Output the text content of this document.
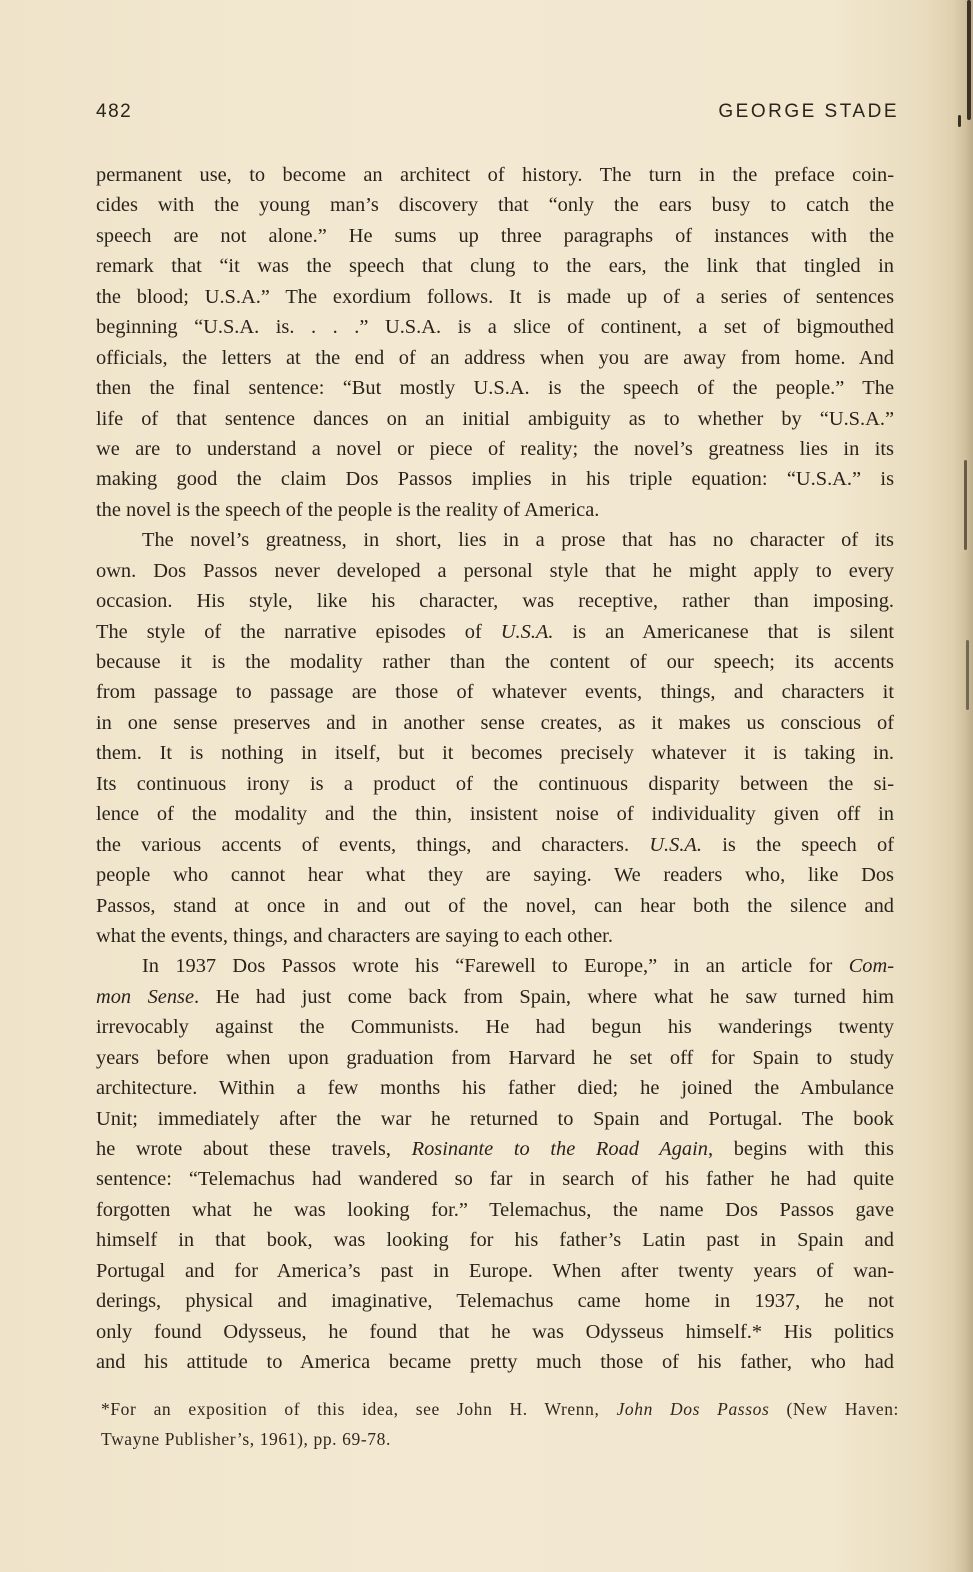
482	GEORGE STADE
permanent use, to become an architect of history. The turn in the preface coin-
cides with the young man’s discovery that “only the ears busy to catch the
speech are not alone.” He sums up three paragraphs of instances with the
remark that “it was the speech that clung to the ears, the link that tingled in
the blood; U.S.A.” The exordium follows. It is made up of a series of sentences
beginning “U.S.A. is. . . .” U.S.A. is a slice of continent, a set of bigmouthed
officials, the letters at the end of an address when you are away from home. And
then the final sentence: “But mostly U.S.A. is the speech of the people.” The
life of that sentence dances on an initial ambiguity as to whether by “U.S.A.”
we are to understand a novel or piece of reality; the novel’s greatness lies in its
making good the claim Dos Passos implies in his triple equation: “U.S.A.” is
the novel is the speech of the people is the reality of America.
The novel’s greatness, in short, lies in a prose that has no character of its
own. Dos Passos never developed a personal style that he might apply to every
occasion. His style, like his character, was receptive, rather than imposing.
The style of the narrative episodes of U.S.A. is an Americanese that is silent
because it is the modality rather than the content of our speech; its accents
from passage to passage are those of whatever events, things, and characters it
in one sense preserves and in another sense creates, as it makes us conscious of
them. It is nothing in itself, but it becomes precisely whatever it is taking in.
Its continuous irony is a product of the continuous disparity between the si-
lence of the modality and the thin, insistent noise of individuality given off in
the various accents of events, things, and characters. U.S.A. is the speech of
people who cannot hear what they are saying. We readers who, like Dos
Passos, stand at once in and out of the novel, can hear both the silence and
what the events, things, and characters are saying to each other.
In 1937 Dos Passos wrote his “Farewell to Europe,” in an article for Com-
mon Sense. He had just come back from Spain, where what he saw turned him
irrevocably against the Communists. He had begun his wanderings twenty
years before when upon graduation from Harvard he set off for Spain to study
architecture. Within a few months his father died; he joined the Ambulance
Unit; immediately after the war he returned to Spain and Portugal. The book
he wrote about these travels, Rosinante to the Road Again, begins with this
sentence: “Telemachus had wandered so far in search of his father he had quite
forgotten what he was looking for.” Telemachus, the name Dos Passos gave
himself in that book, was looking for his father’s Latin past in Spain and
Portugal and for America’s past in Europe. When after twenty years of wan-
derings, physical and imaginative, Telemachus came home in 1937, he not
only found Odysseus, he found that he was Odysseus himself.* His politics
and his attitude to America became pretty much those of his father, who had
*For an exposition of this idea, see John H. Wrenn, John Dos Passos (New Haven:
Twayne Publisher’s, 1961), pp. 69-78.
